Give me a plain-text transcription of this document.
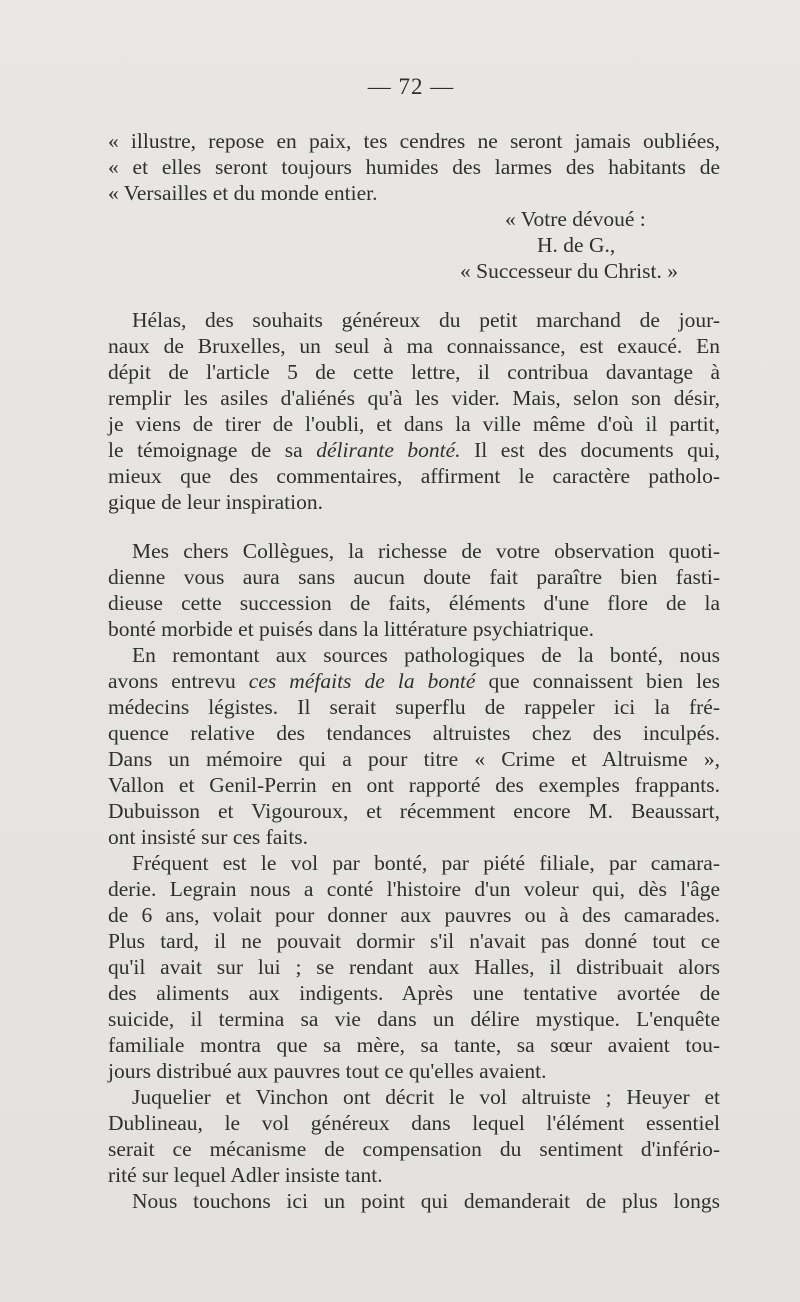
— 72 —
« illustre, repose en paix, tes cendres ne seront jamais oubliées,
« et elles seront toujours humides des larmes des habitants de
« Versailles et du monde entier.
« Votre dévoué :
H. de G.,
« Successeur du Christ. »
Hélas, des souhaits généreux du petit marchand de jour-
naux de Bruxelles, un seul à ma connaissance, est exaucé. En
dépit de l'article 5 de cette lettre, il contribua davantage à
remplir les asiles d'aliénés qu'à les vider. Mais, selon son désir,
je viens de tirer de l'oubli, et dans la ville même d'où il partit,
le témoignage de sa délirante bonté. Il est des documents qui,
mieux que des commentaires, affirment le caractère patholo-
gique de leur inspiration.
Mes chers Collègues, la richesse de votre observation quoti-
dienne vous aura sans aucun doute fait paraître bien fasti-
dieuse cette succession de faits, éléments d'une flore de la
bonté morbide et puisés dans la littérature psychiatrique.
En remontant aux sources pathologiques de la bonté, nous
avons entrevu ces méfaits de la bonté que connaissent bien les
médecins légistes. Il serait superflu de rappeler ici la fré-
quence relative des tendances altruistes chez des inculpés.
Dans un mémoire qui a pour titre « Crime et Altruisme »,
Vallon et Genil-Perrin en ont rapporté des exemples frappants.
Dubuisson et Vigouroux, et récemment encore M. Beaussart,
ont insisté sur ces faits.
Fréquent est le vol par bonté, par piété filiale, par camara-
derie. Legrain nous a conté l'histoire d'un voleur qui, dès l'âge
de 6 ans, volait pour donner aux pauvres ou à des camarades.
Plus tard, il ne pouvait dormir s'il n'avait pas donné tout ce
qu'il avait sur lui ; se rendant aux Halles, il distribuait alors
des aliments aux indigents. Après une tentative avortée de
suicide, il termina sa vie dans un délire mystique. L'enquête
familiale montra que sa mère, sa tante, sa sœur avaient tou-
jours distribué aux pauvres tout ce qu'elles avaient.
Juquelier et Vinchon ont décrit le vol altruiste ; Heuyer et
Dublineau, le vol généreux dans lequel l'élément essentiel
serait ce mécanisme de compensation du sentiment d'infério-
rité sur lequel Adler insiste tant.
Nous touchons ici un point qui demanderait de plus longs
